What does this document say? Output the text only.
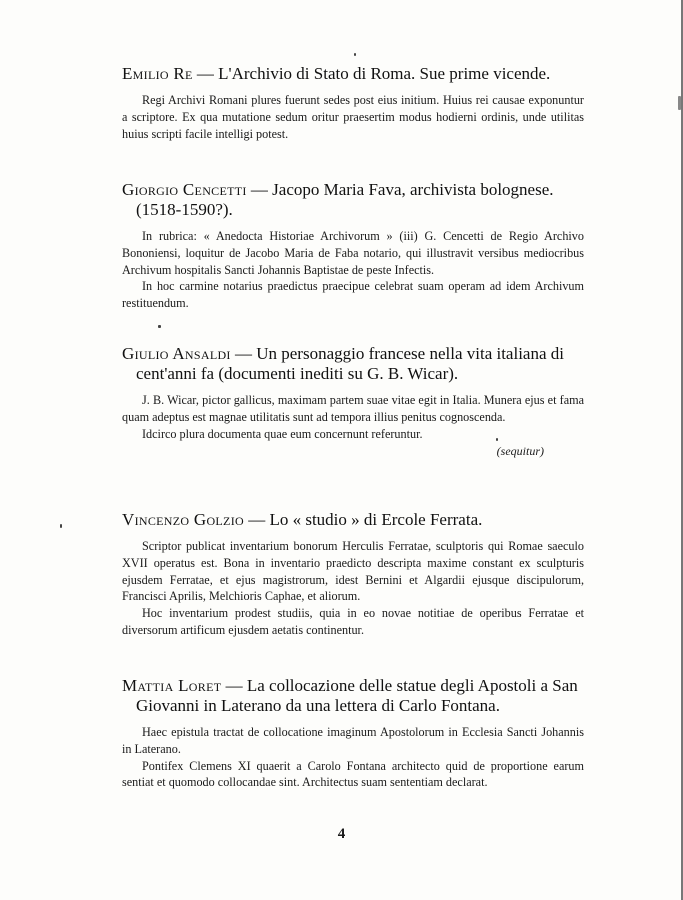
Emilio Re — L'Archivio di Stato di Roma. Sue prime vicende.

Regi Archivi Romani plures fuerunt sedes post eius initium. Huius rei causae exponuntur a scriptore. Ex qua mutatione sedum oritur praesertim modus hodierni ordinis, unde utilitas huius scripti facile intelligi potest.

Giorgio Cencetti — Jacopo Maria Fava, archivista bolognese.
(1518-1590?).

In rubrica: « Anedocta Historiae Archivorum » (iii) G. Cencetti de Regio Archivo Bononiensi, loquitur de Jacobo Maria de Faba notario, qui illustravit versibus mediocribus Archivum hospitalis Sancti Johannis Baptistae de peste Infectis.

In hoc carmine notarius praedictus praecipue celebrat suam operam ad idem Archivum restituendum.

Giulio Ansaldi — Un personaggio francese nella vita italiana di
cent'anni fa (documenti inediti su G. B. Wicar).

J. B. Wicar, pictor gallicus, maximam partem suae vitae egit in Italia. Munera ejus et fama quam adeptus est magnae utilitatis sunt ad tempora illius penitus cognoscenda.

Idcirco plura documenta quae eum concernunt referuntur.

(sequitur)

Vincenzo Golzio — Lo « studio » di Ercole Ferrata.

Scriptor publicat inventarium bonorum Herculis Ferratae, sculptoris qui Romae saeculo XVII operatus est. Bona in inventario praedicto descripta maxime constant ex sculpturis ejusdem Ferratae, et ejus magistrorum, idest Bernini et Algardii ejusque discipulorum, Francisci Aprilis, Melchioris Caphae, et aliorum.

Hoc inventarium prodest studiis, quia in eo novae notitiae de operibus Ferratae et diversorum artificum ejusdem aetatis continentur.

Mattia Loret — La collocazione delle statue degli Apostoli a San
Giovanni in Laterano da una lettera di Carlo Fontana.

Haec epistula tractat de collocatione imaginum Apostolorum in Ecclesia Sancti Johannis in Laterano.

Pontifex Clemens XI quaerit a Carolo Fontana architecto quid de proportione earum sentiat et quomodo collocandae sint. Architectus suam sententiam declarat.

4
